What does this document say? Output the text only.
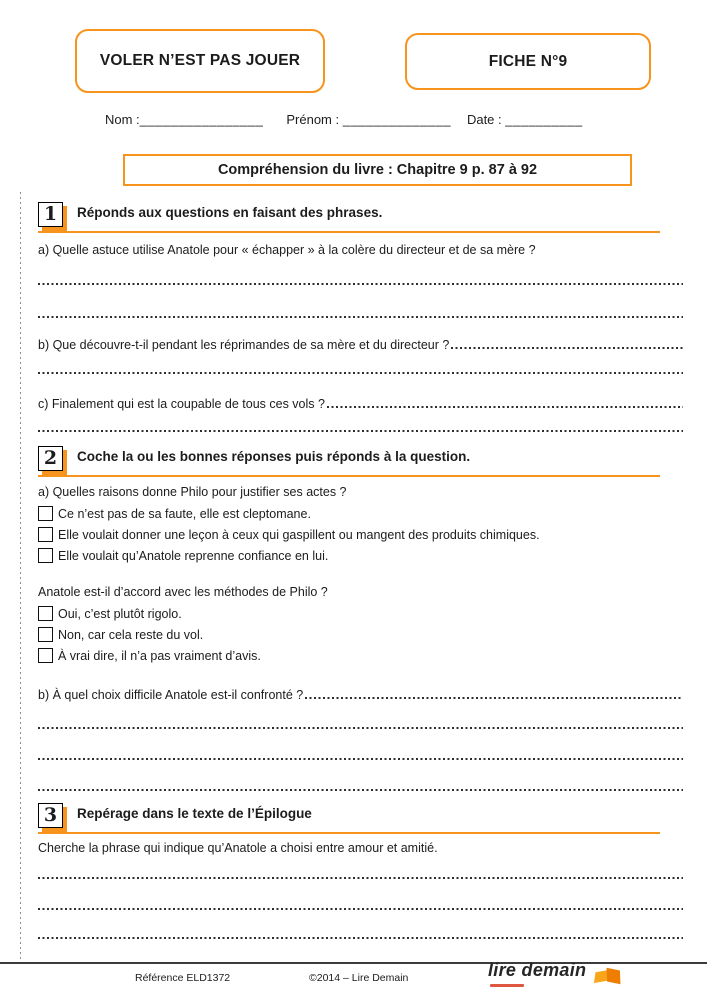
VOLER N’EST PAS JOUER	FICHE N°9
Nom : ________________ Prénom : ______________ Date : __________
Compréhension du livre : Chapitre 9 p. 87 à 92
1 Réponds aux questions en faisant des phrases.
a) Quelle astuce utilise Anatole pour « échapper » à la colère du directeur et de sa mère ?
b) Que découvre-t-il pendant les réprimandes de sa mère et du directeur ?
c) Finalement qui est la coupable de tous ces vols ?
2 Coche la ou les bonnes réponses puis réponds à la question.
a) Quelles raisons donne Philo pour justifier ses actes ?
Ce n’est pas de sa faute, elle est cleptomane.
Elle voulait donner une leçon à ceux qui gaspillent ou mangent des produits chimiques.
Elle voulait qu’Anatole reprenne confiance en lui.
Anatole est-il d’accord avec les méthodes de Philo ?
Oui, c’est plutôt rigolo.
Non, car cela reste du vol.
À vrai dire, il n’a pas vraiment d’avis.
b) À quel choix difficile Anatole est-il confronté ?
3 Repérage dans le texte de l’Épilogue
Cherche la phrase qui indique qu’Anatole a choisi entre amour et amitié.
Référence ELD1372	©2014 – Lire Demain	lire demain
